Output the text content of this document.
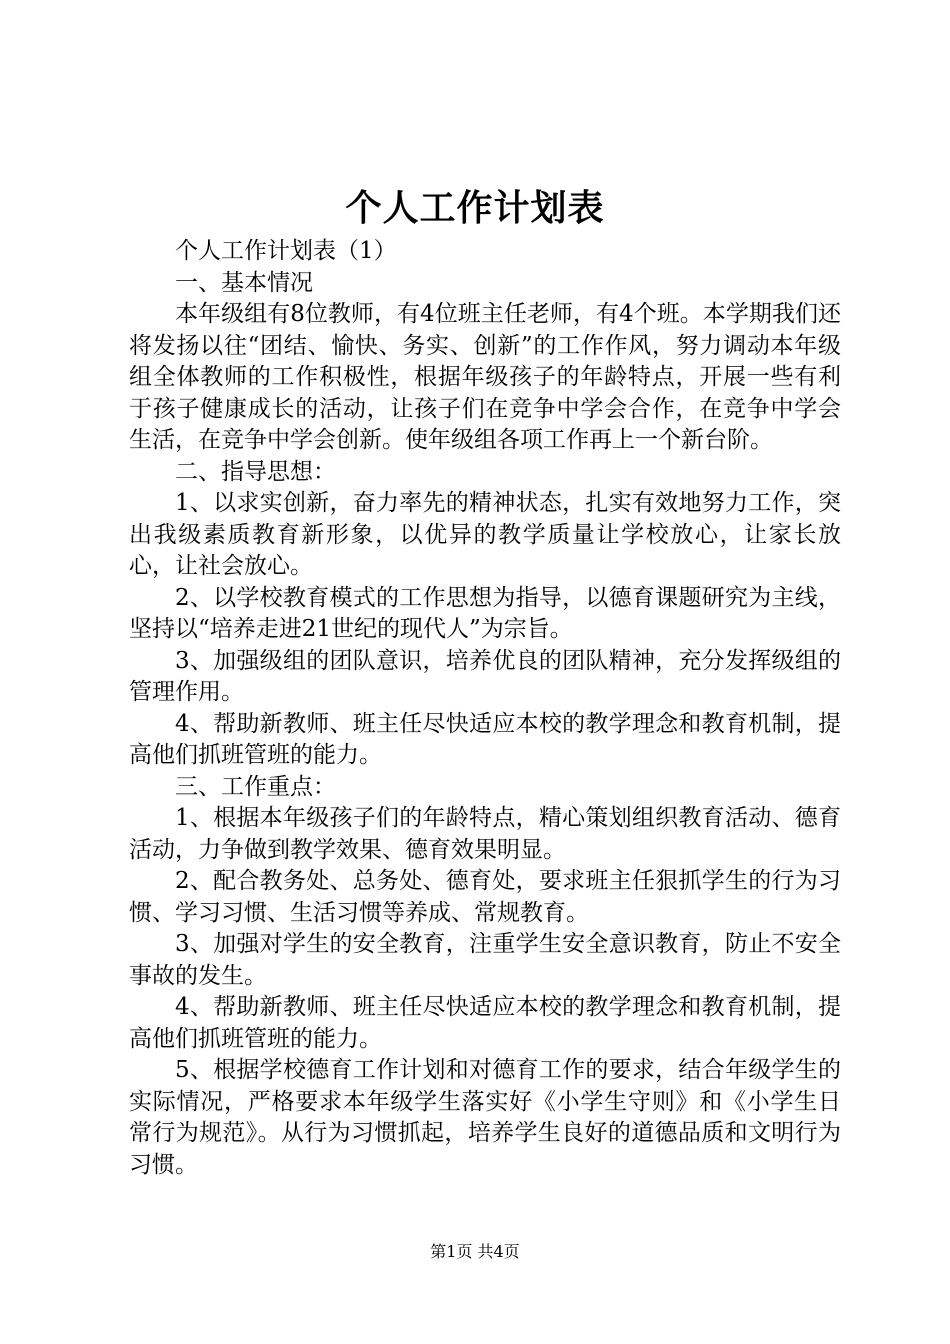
个人工作计划表

个人工作计划表（1）

一、基本情况

本年级组有8位教师，有4位班主任老师，有4个班。本学期我们还将发扬以往“团结、愉快、务实、创新”的工作作风，努力调动本年级组全体教师的工作积极性，根据年级孩子的年龄特点，开展一些有利于孩子健康成长的活动，让孩子们在竞争中学会合作，在竞争中学会生活，在竞争中学会创新。使年级组各项工作再上一个新台阶。

二、指导思想：

1、以求实创新，奋力率先的精神状态，扎实有效地努力工作，突出我级素质教育新形象，以优异的教学质量让学校放心，让家长放心，让社会放心。

2、以学校教育模式的工作思想为指导，以德育课题研究为主线，坚持以“培养走进21世纪的现代人”为宗旨。

3、加强级组的团队意识，培养优良的团队精神，充分发挥级组的管理作用。

4、帮助新教师、班主任尽快适应本校的教学理念和教育机制，提高他们抓班管班的能力。

三、工作重点：

1、根据本年级孩子们的年龄特点，精心策划组织教育活动、德育活动，力争做到教学效果、德育效果明显。

2、配合教务处、总务处、德育处，要求班主任狠抓学生的行为习惯、学习习惯、生活习惯等养成、常规教育。

3、加强对学生的安全教育，注重学生安全意识教育，防止不安全事故的发生。

4、帮助新教师、班主任尽快适应本校的教学理念和教育机制，提高他们抓班管班的能力。

5、根据学校德育工作计划和对德育工作的要求，结合年级学生的实际情况，严格要求本年级学生落实好《小学生守则》和《小学生日常行为规范》。从行为习惯抓起，培养学生良好的道德品质和文明行为习惯。

第1页 共4页
